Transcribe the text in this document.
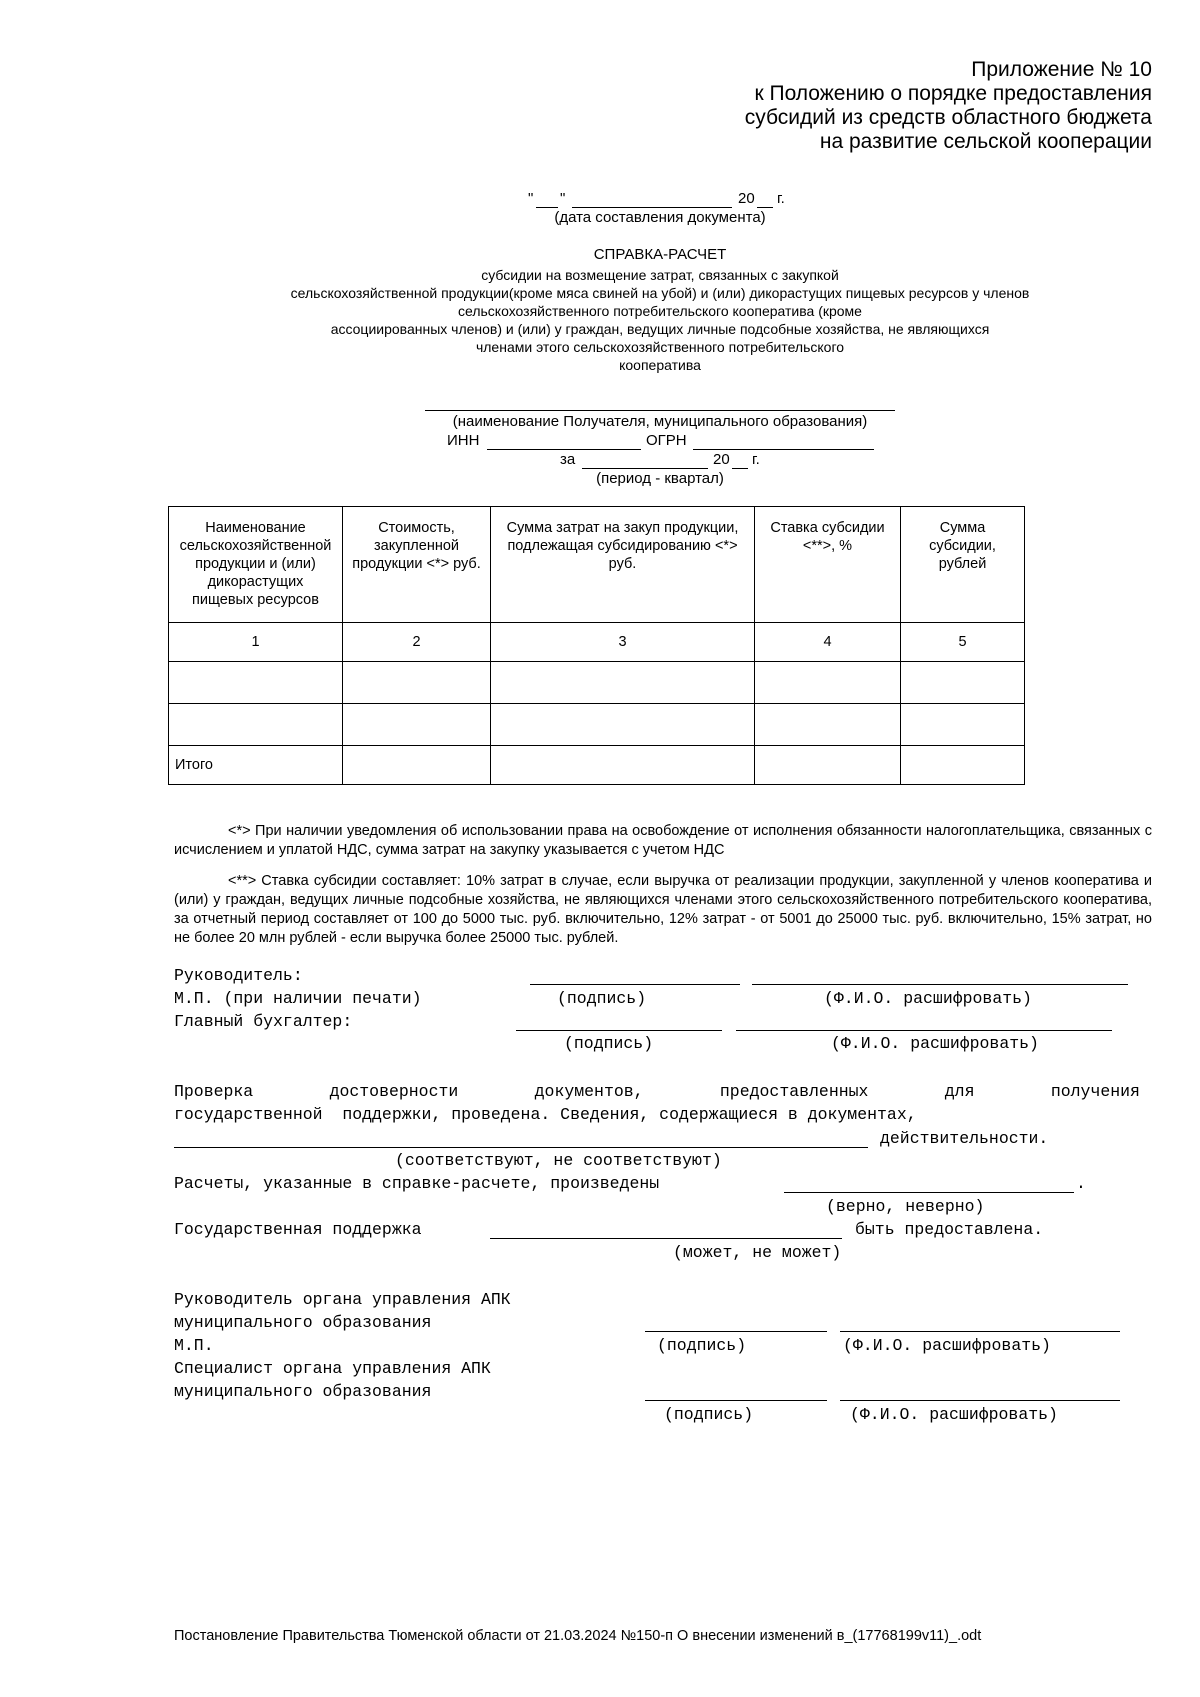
Приложение № 10
к Положению о порядке предоставления
субсидий из средств областного бюджета
на развитие сельской кооперации
" "	20 г.
(дата составления документа)
СПРАВКА-РАСЧЕТ
субсидии на возмещение затрат, связанных с закупкой
сельскохозяйственной продукции(кроме мяса свиней на убой) и (или) дикорастущих пищевых ресурсов у членов
сельскохозяйственного потребительского кооператива (кроме
ассоциированных членов) и (или) у граждан, ведущих личные подсобные хозяйства, не являющихся
членами этого сельскохозяйственного потребительского
кооператива
(наименование Получателя, муниципального образования)
ИНН	ОГРН
за	20 г.
(период - квартал)
Наименование сельскохозяйственной продукции и (или) дикорастущих пищевых ресурсов	Стоимость, закупленной продукции <*> руб.	Сумма затрат на закуп продукции, подлежащая субсидированию <*> руб.	Ставка субсидии <**>, %	Сумма субсидии, рублей
1	2	3	4	5

Итого				
<*> При наличии уведомления об использовании права на освобождение от исполнения обязанности налогоплательщика, связанных с исчислением и уплатой НДС, сумма затрат на закупку указывается с учетом НДС
<**> Ставка субсидии составляет: 10% затрат в случае, если выручка от реализации продукции, закупленной у членов кооператива и (или) у граждан, ведущих личные подсобные хозяйства, не являющихся членами этого сельскохозяйственного потребительского кооператива, за отчетный период составляет от 100 до 5000 тыс. руб. включительно, 12% затрат - от 5001 до 25000 тыс. руб. включительно, 15% затрат, но не более 20 млн рублей - если выручка более 25000 тыс. рублей.
Руководитель:
М.П. (при наличии печати)	(подпись)	(Ф.И.О. расшифровать)
Главный бухгалтер:
(подпись)	(Ф.И.О. расшифровать)
Проверка	достоверности	документов,	предоставленных	для	получения
государственной  поддержки, проведена. Сведения, содержащиеся в документах,
действительности.
(соответствуют, не соответствуют)
Расчеты, указанные в справке-расчете, произведены	.
(верно, неверно)
Государственная поддержка	быть предоставлена.
(может, не может)
Руководитель органа управления АПК
муниципального образования
М.П.	(подпись)	(Ф.И.О. расшифровать)
Специалист органа управления АПК
муниципального образования
(подпись)	(Ф.И.О. расшифровать)
Постановление Правительства Тюменской области от 21.03.2024 №150-п О внесении изменений в_(17768199v11)_.odt
